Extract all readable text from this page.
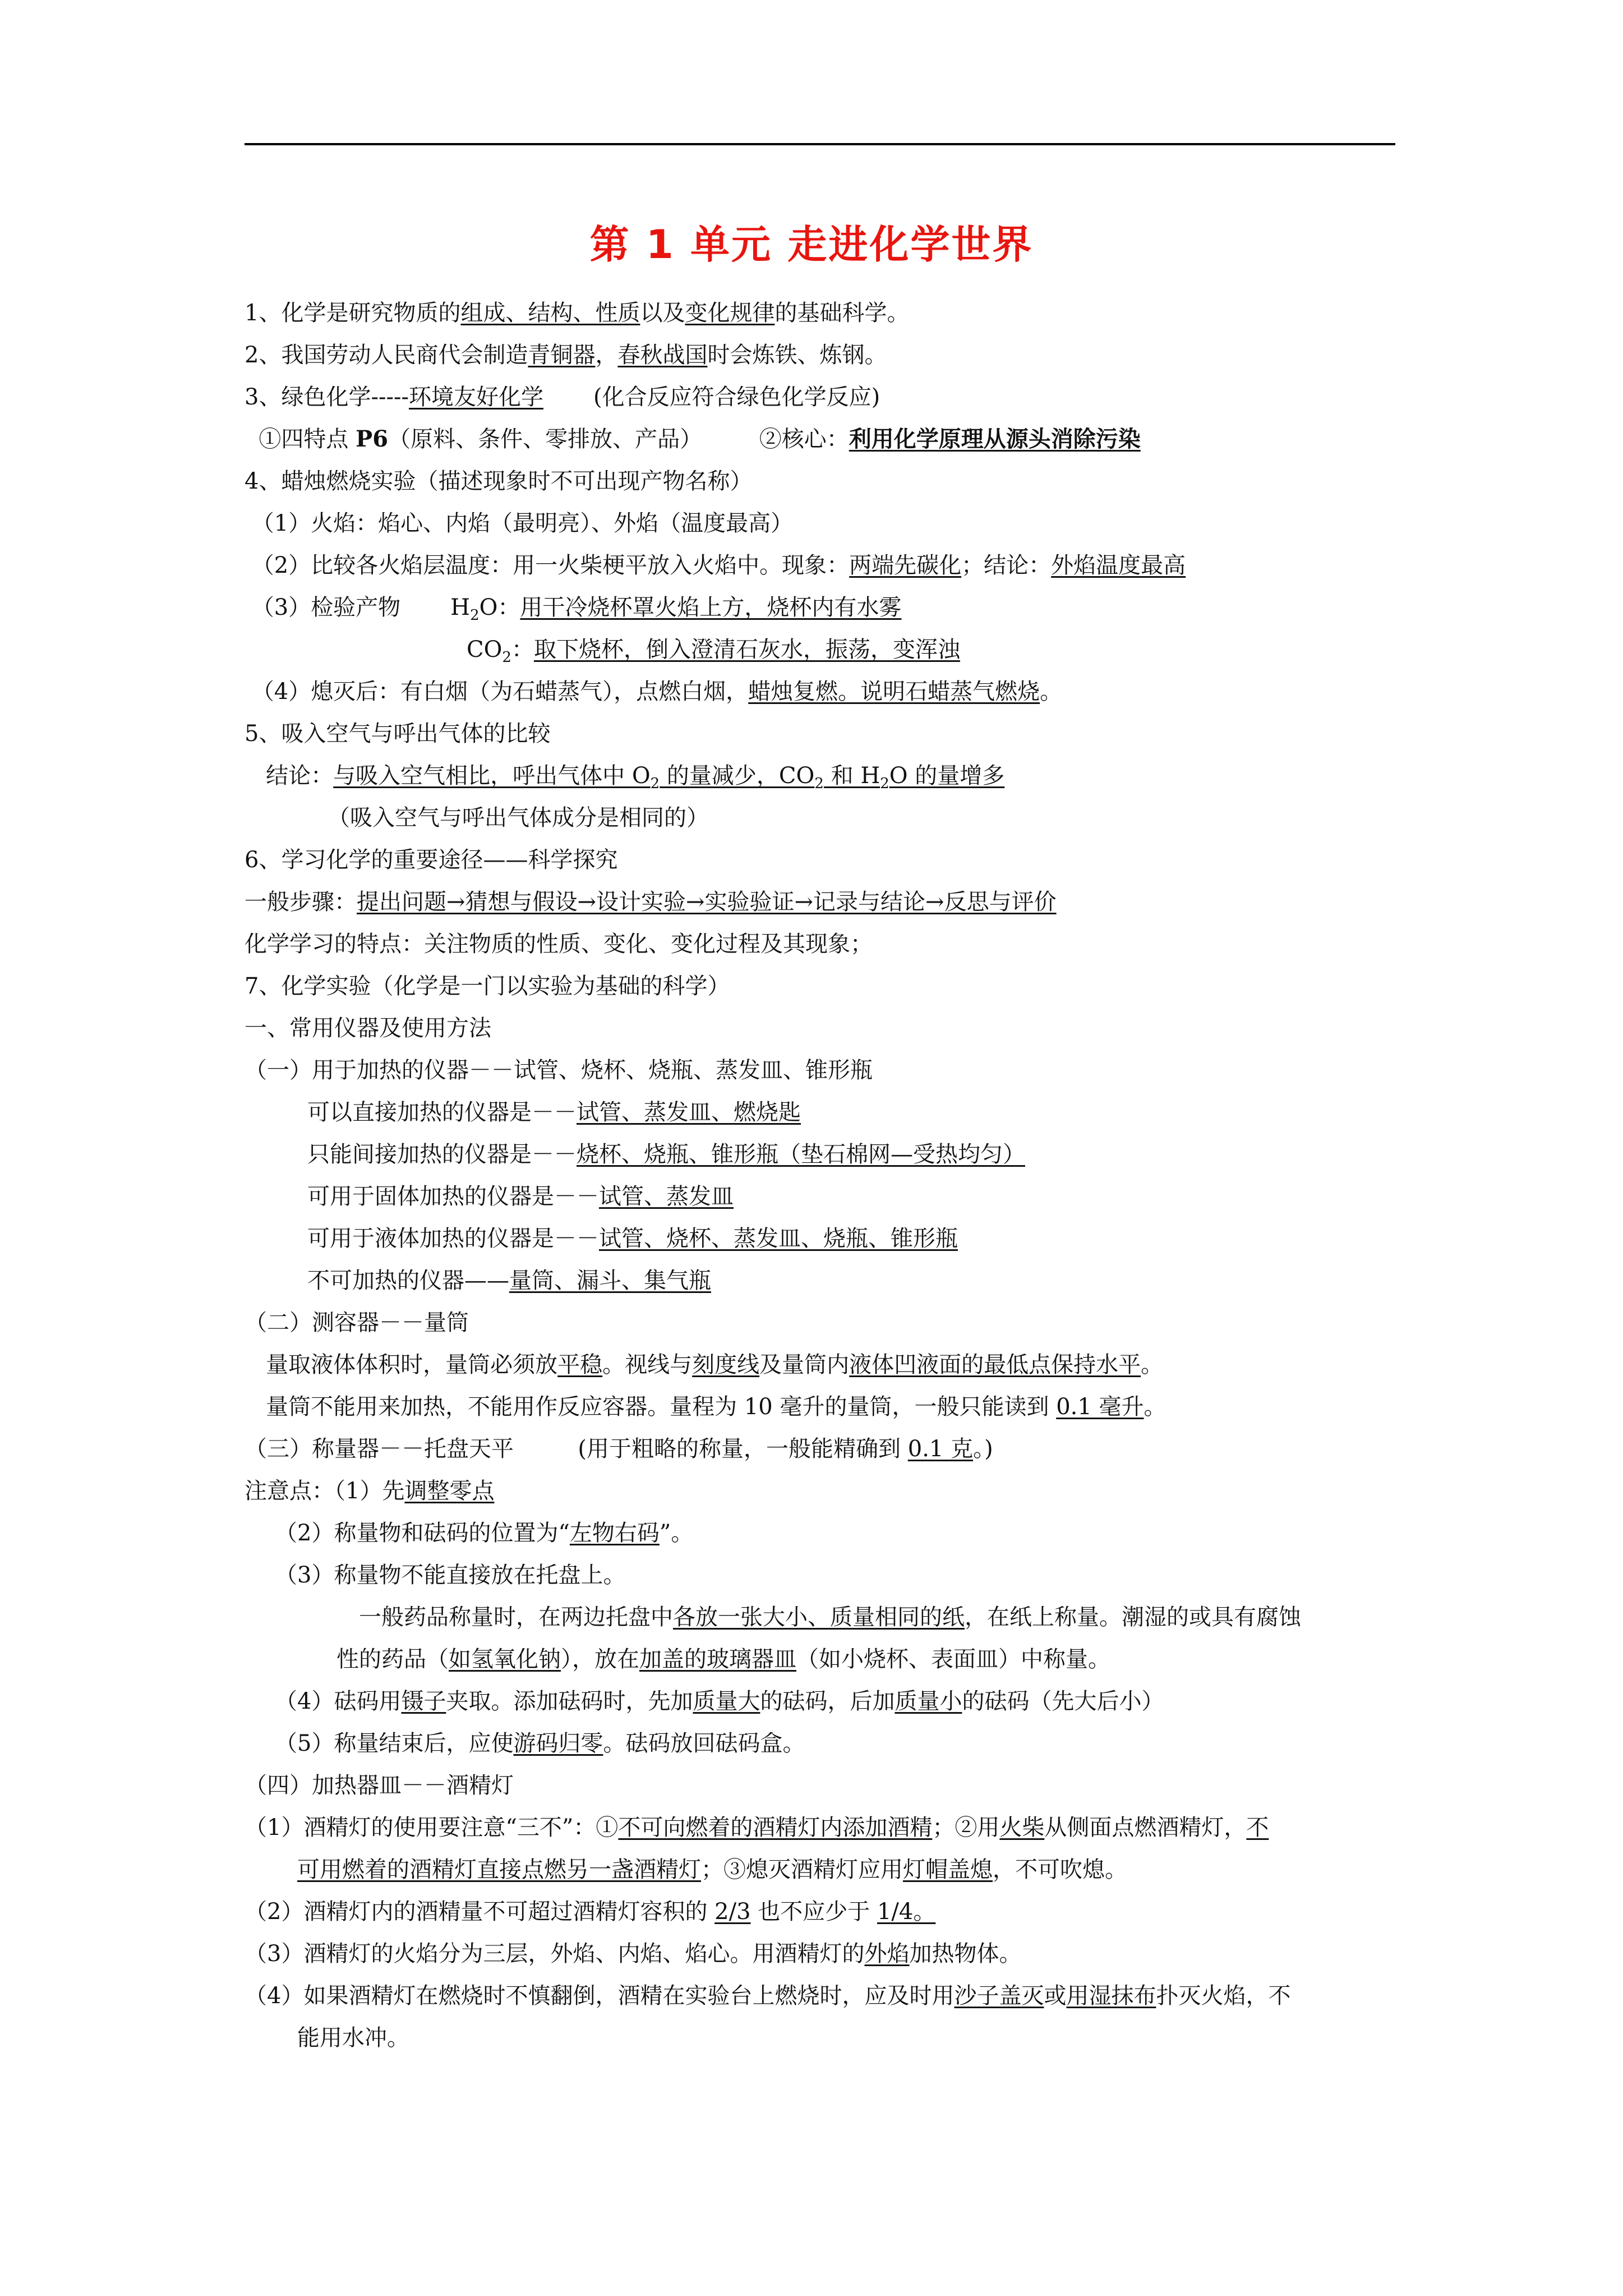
第 1 单元 走进化学世界
1、化学是研究物质的组成、结构、性质以及变化规律的基础科学。
2、我国劳动人民商代会制造青铜器，春秋战国时会炼铁、炼钢。
3、绿色化学-----环境友好化学       (化合反应符合绿色化学反应)
①四特点 P6（原料、条件、零排放、产品）        ②核心：利用化学原理从源头消除污染
4、蜡烛燃烧实验（描述现象时不可出现产物名称）
（1）火焰：焰心、内焰（最明亮）、外焰（温度最高）
（2）比较各火焰层温度：用一火柴梗平放入火焰中。现象：两端先碳化；结论：外焰温度最高
（3）检验产物       $H_2O$：用干冷烧杯罩火焰上方，烧杯内有水雾
$CO_2$：取下烧杯，倒入澄清石灰水，振荡，变浑浊
（4）熄灭后：有白烟（为石蜡蒸气），点燃白烟，蜡烛复燃。说明石蜡蒸气燃烧。
5、吸入空气与呼出气体的比较
结论：与吸入空气相比，呼出气体中 $O_2$ 的量减少，$CO_2$ 和 $H_2O$ 的量增多
（吸入空气与呼出气体成分是相同的）
6、学习化学的重要途径——科学探究
一般步骤：提出问题→猜想与假设→设计实验→实验验证→记录与结论→反思与评价
化学学习的特点：关注物质的性质、变化、变化过程及其现象；
7、化学实验（化学是一门以实验为基础的科学）
一、常用仪器及使用方法
（一）用于加热的仪器－－试管、烧杯、烧瓶、蒸发皿、锥形瓶
可以直接加热的仪器是－－试管、蒸发皿、燃烧匙
只能间接加热的仪器是－－烧杯、烧瓶、锥形瓶（垫石棉网—受热均匀）
可用于固体加热的仪器是－－试管、蒸发皿
可用于液体加热的仪器是－－试管、烧杯、蒸发皿、烧瓶、锥形瓶
不可加热的仪器——量筒、漏斗、集气瓶
（二）测容器－－量筒
量取液体体积时，量筒必须放平稳。视线与刻度线及量筒内液体凹液面的最低点保持水平。
量筒不能用来加热，不能用作反应容器。量程为 10 毫升的量筒，一般只能读到 0.1 毫升。
（三）称量器－－托盘天平         (用于粗略的称量，一般能精确到 0.1 克。)
注意点：（1）先调整零点
（2）称量物和砝码的位置为“左物右码”。
（3）称量物不能直接放在托盘上。
一般药品称量时，在两边托盘中各放一张大小、质量相同的纸，在纸上称量。潮湿的或具有腐蚀
性的药品（如氢氧化钠），放在加盖的玻璃器皿（如小烧杯、表面皿）中称量。
（4）砝码用镊子夹取。添加砝码时，先加质量大的砝码，后加质量小的砝码（先大后小）
（5）称量结束后，应使游码归零。砝码放回砝码盒。
（四）加热器皿－－酒精灯
（1）酒精灯的使用要注意“三不”：①不可向燃着的酒精灯内添加酒精；②用火柴从侧面点燃酒精灯，不
可用燃着的酒精灯直接点燃另一盏酒精灯；③熄灭酒精灯应用灯帽盖熄，不可吹熄。
（2）酒精灯内的酒精量不可超过酒精灯容积的 2/3 也不应少于 1/4。
（3）酒精灯的火焰分为三层，外焰、内焰、焰心。用酒精灯的外焰加热物体。
（4）如果酒精灯在燃烧时不慎翻倒，酒精在实验台上燃烧时，应及时用沙子盖灭或用湿抹布扑灭火焰，不
能用水冲。
